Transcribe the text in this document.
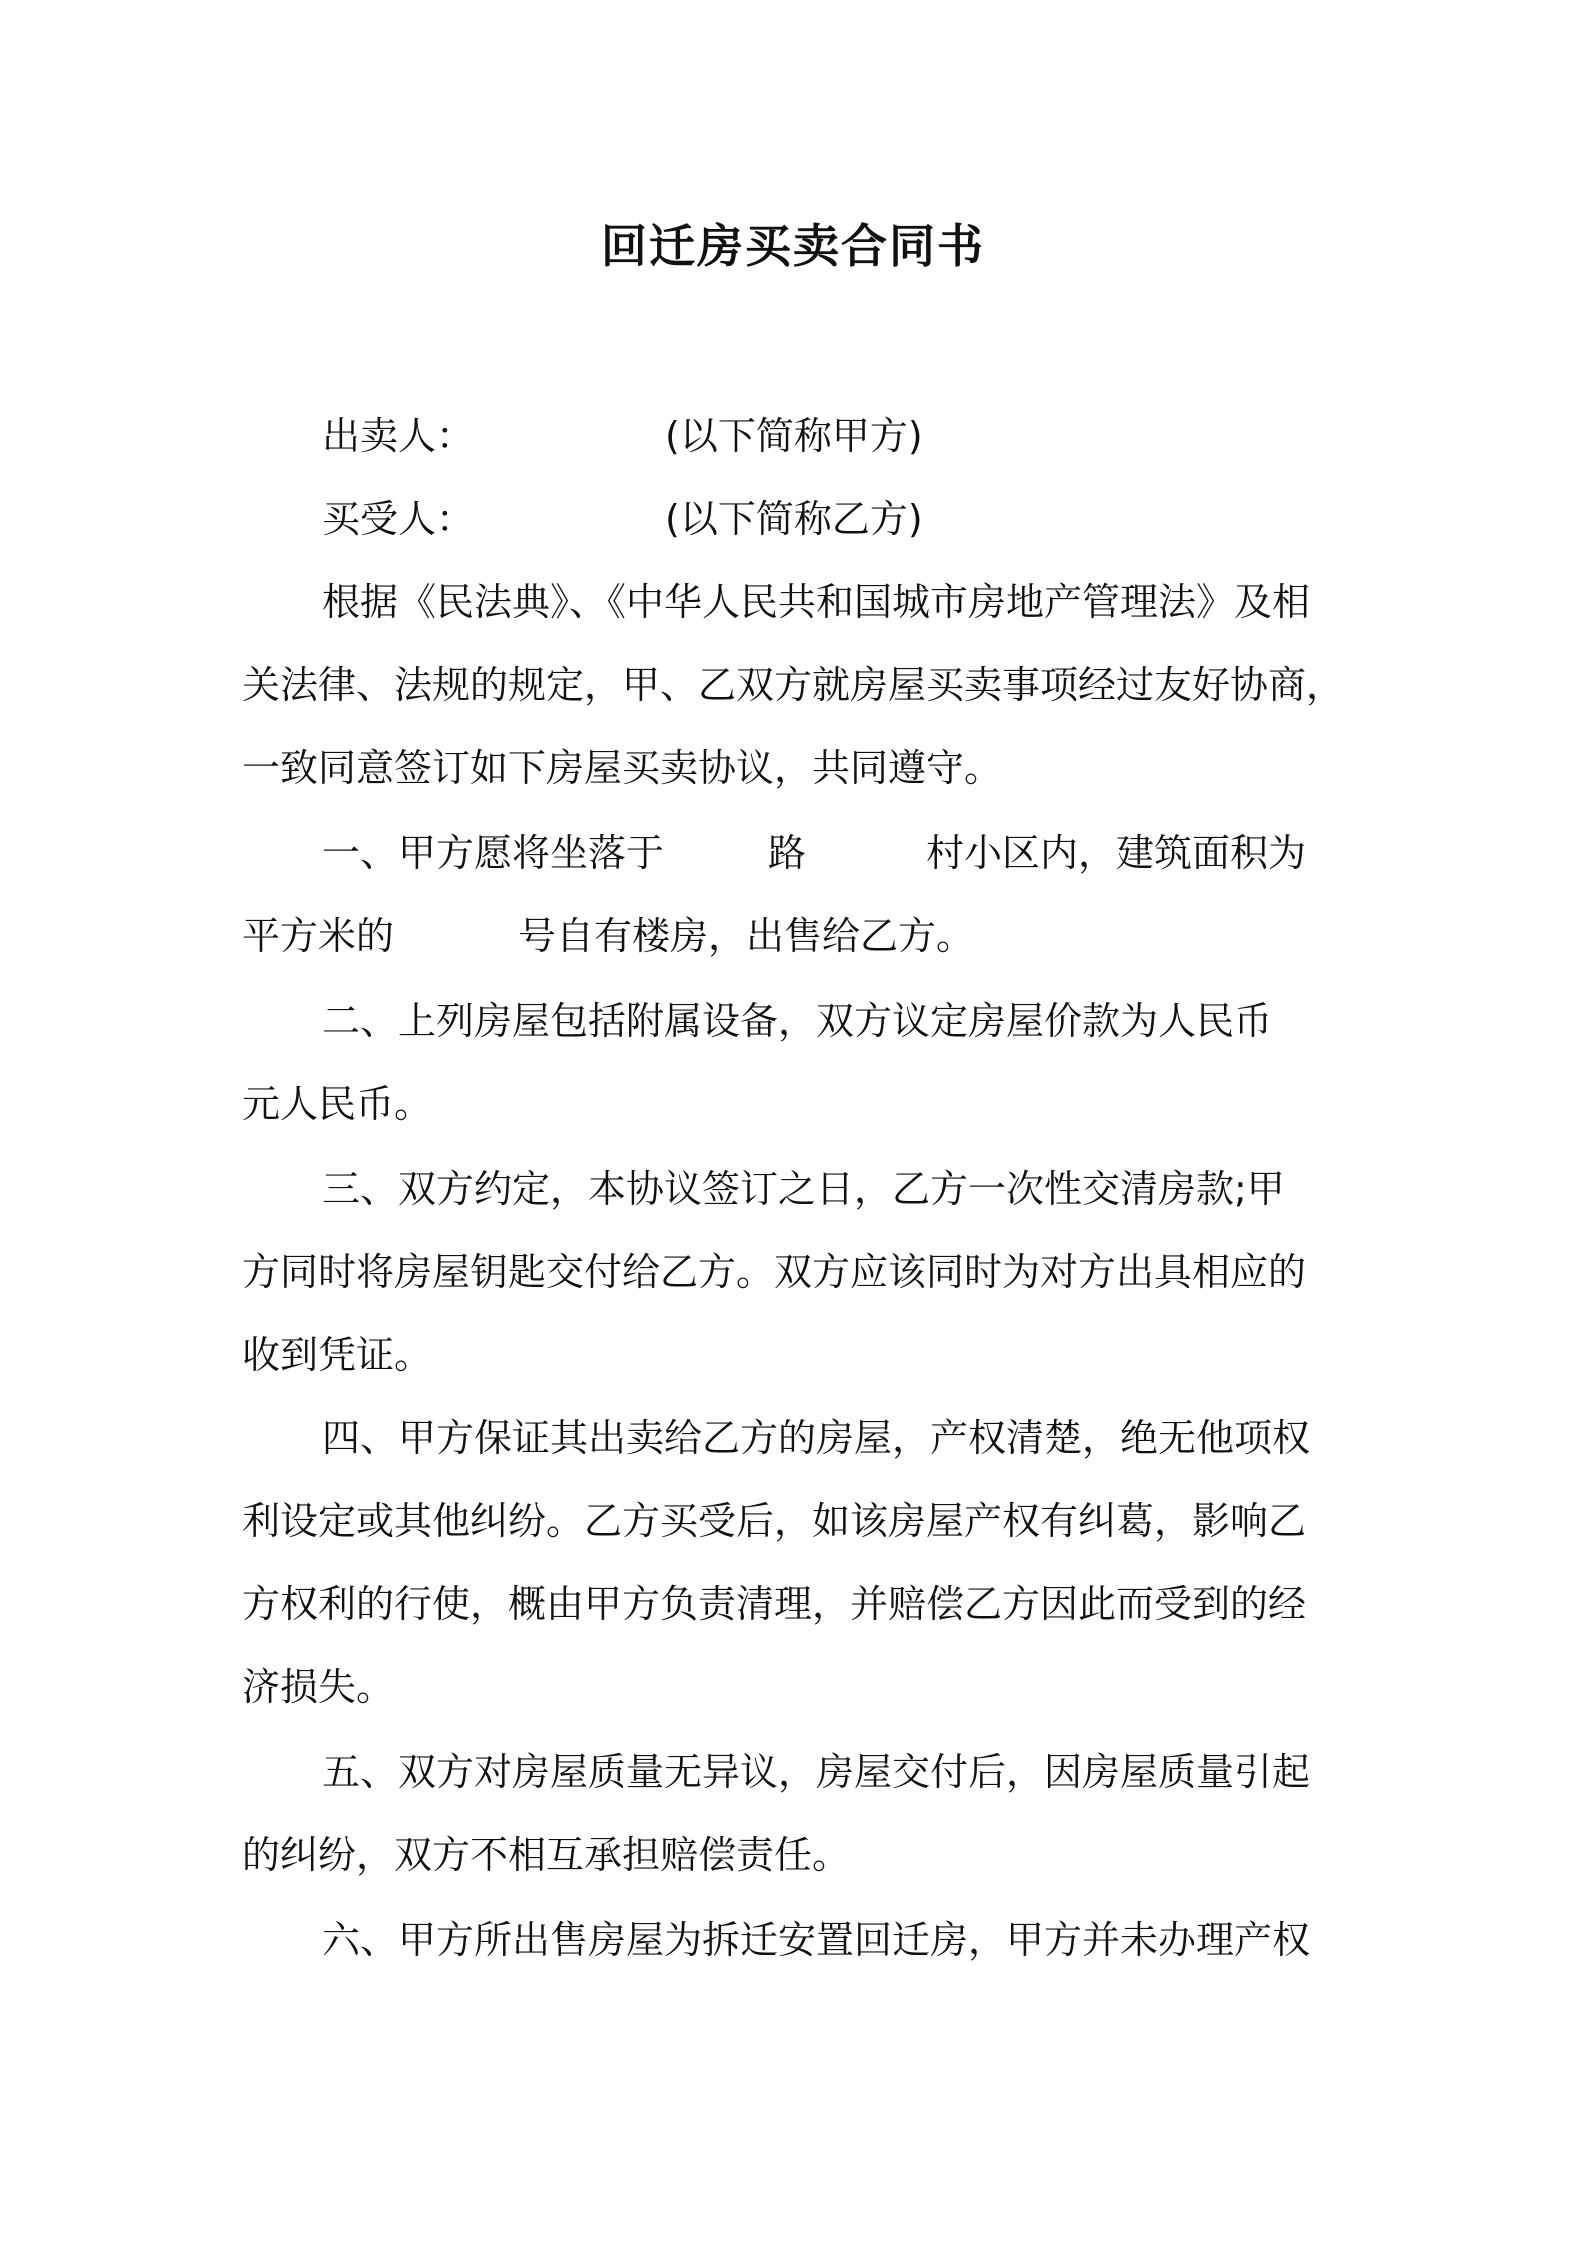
回迁房买卖合同书
出卖人：	(以下简称甲方)
买受人：	(以下简称乙方)
根据《民法典》、《中华人民共和国城市房地产管理法》及相
关法律、法规的规定，甲、乙双方就房屋买卖事项经过友好协商，
一致同意签订如下房屋买卖协议，共同遵守。
一、甲方愿将坐落于	路	村小区内，建筑面积为
平方米的	号自有楼房，出售给乙方。
二、上列房屋包括附属设备，双方议定房屋价款为人民币
元人民币。
三、双方约定，本协议签订之日，乙方一次性交清房款;甲
方同时将房屋钥匙交付给乙方。双方应该同时为对方出具相应的
收到凭证。
四、甲方保证其出卖给乙方的房屋，产权清楚，绝无他项权
利设定或其他纠纷。乙方买受后，如该房屋产权有纠葛，影响乙
方权利的行使，概由甲方负责清理，并赔偿乙方因此而受到的经
济损失。
五、双方对房屋质量无异议，房屋交付后，因房屋质量引起
的纠纷，双方不相互承担赔偿责任。
六、甲方所出售房屋为拆迁安置回迁房，甲方并未办理产权
